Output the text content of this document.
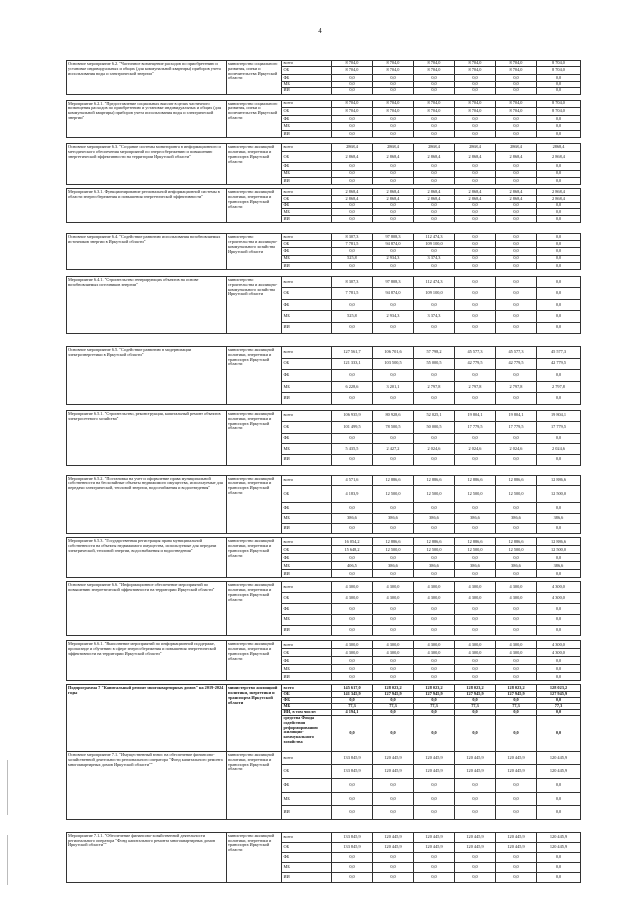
4
Основное мероприятие 6.2. "Частичное возмещение расходов по приобретению и установке индивидуальных и общих (для коммунальной квартиры) приборов учета использования воды и электрической энергии"	министерство социального развития, опеки и попечительства Иркутской области	всего	8 704,0	8 704,0	8 704,0	8 704,0	8 704,0	8 704,0
		ОБ	8 704,0	8 704,0	8 704,0	8 704,0	8 704,0	8 704,0
		ФБ	0,0	0,0	0,0	0,0	0,0	0,0
		МБ	0,0	0,0	0,0	0,0	0,0	0,0
		ИИ	0,0	0,0	0,0	0,0	0,0	0,0

Мероприятие 6.2.1. "Предоставление социальных выплат в целях частичного возмещения расходов по приобретению и установке индивидуальных и общих (для коммунальной квартиры) приборов учета использования воды и электрической энергии"	министерство социального развития, опеки и попечительства Иркутской области	всего	8 704,0	8 704,0	8 704,0	8 704,0	8 704,0	8 704,0
		ОБ	8 704,0	8 704,0	8 704,0	8 704,0	8 704,0	8 704,0
		ФБ	0,0	0,0	0,0	0,0	0,0	0,0
		МБ	0,0	0,0	0,0	0,0	0,0	0,0
		ИИ	0,0	0,0	0,0	0,0	0,0	0,0

Основное мероприятие 6.3. "Создание системы мониторинга в информационного и методического обеспечения мероприятий по энергосбережению и повышению энергетической эффективности на территории Иркутской области"	министерство жилищной политики, энергетики и транспорта Иркутской области	всего	2868,4	2868,4	2868,4	2868,4	2868,4	2868,4
		ОБ	2 868,4	2 868,4	2 868,4	2 868,4	2 868,4	2 868,4
		ФБ	0,0	0,0	0,0	0,0	0,0	0,0
		МБ	0,0	0,0	0,0	0,0	0,0	0,0
		ИИ	0,0	0,0	0,0	0,0	0,0	0,0

Мероприятие 6.3.1. Функционирование региональной информационной системы в области энергосбережения и повышения энергетической эффективности"	министерство жилищной политики, энергетики и транспорта Иркутской области	всего	2 868,4	2 868,4	2 868,4	2 868,4	2 868,4	2 868,4
		ОБ	2 868,4	2 868,4	2 868,4	2 868,4	2 868,4	2 868,4
		ФБ	0,0	0,0	0,0	0,0	0,0	0,0
		МБ	0,0	0,0	0,0	0,0	0,0	0,0
		ИИ	0,0	0,0	0,0	0,0	0,0	0,0

Основное мероприятие 6.4. "Содействие развитию использования возобновляемых источников энергии в Иркутской области"	министерство строительства и жилищно-коммунального хозяйства Иркутской области	всего	8 307,3	97 808,3	112 474,3	0,0	0,0	0,0
		ОБ	7 781,5	94 874,0	109 100,0	0,0	0,0	0,0
		ФБ	0,0	0,0	0,0	0,0	0,0	0,0
		МБ	525,8	2 934,3	3 374,3	0,0	0,0	0,0
		ИИ	0,0	0,0	0,0	0,0	0,0	0,0

Мероприятие 6.4.1. "Строительство генерирующих объектов на основе возобновляемых источников энергии"	министерство строительства и жилищно-коммунального хозяйства Иркутской области	всего	8 307,3	97 808,3	112 474,3	0,0	0,0	0,0
		ОБ	7 781,5	94 874,0	109 100,0	0,0	0,0	0,0
		ФБ	0,0	0,0	0,0	0,0	0,0	0,0
		МБ	525,8	2 934,3	3 374,3	0,0	0,0	0,0
		ИИ	0,0	0,0	0,0	0,0	0,0	0,0

Основное мероприятие 6.5. "Содействие развитию в модернизации электроэнергетики в Иркутской области"	министерство жилищной политики, энергетики и транспорта Иркутской области	всего	127 561,7	106 701,6	57 798,2	45 577,3	45 577,3	45 577,3
		ОБ	121 333,1	103 500,5	55 000,5	42 779,5	42 779,5	42 779,5
		ФБ	0,0	0,0	0,0	0,0	0,0	0,0
		МБ	6 228,6	3 201,1	2 797,8	2 797,8	2 797,8	2 797,8
		ИИ	0,0	0,0	0,0	0,0	0,0	0,0

Мероприятие 6.5.1. "Строительство, реконструкция, капитальный ремонт объектов электросетевого хозяйства"	министерство жилищной политики, энергетики и транспорта Иркутской области	всего	106 935,9	80 928,6	52 025,1	19 804,1	19 804,1	19 804,1
		ОБ	101 499,5	78 500,5	50 000,5	17 779,5	17 779,5	17 779,5
		ФБ	0,0	0,0	0,0	0,0	0,0	0,0
		МБ	5 435,5	2 427,2	2 024,6	2 024,6	2 024,6	2 024,6
		ИИ	0,0	0,0	0,0	0,0	0,0	0,0

Мероприятие 6.5.2. "Постановка на учет и оформление права муниципальной собственности на бесхозяйные объекты недвижимого имущества, используемые для передачи электрической, тепловой энергии, водоснабжения и водоотведения"	министерство жилищной политики, энергетики и транспорта Иркутской области	всего	4 571,6	12 886,6	12 886,6	12 886,6	12 886,6	12 886,6
		ОБ	4 183,9	12 500,0	12 500,0	12 500,0	12 500,0	12 500,0
		ФБ	0,0	0,0	0,0	0,0	0,0	0,0
		МБ	386,6	386,6	386,6	386,6	386,6	386,6
		ИИ	0,0	0,0	0,0	0,0	0,0	0,0

Мероприятие 6.5.3. "Государственная регистрация права муниципальной собственности на объекты недвижимого имущества, используемые для передачи электрической, тепловой энергии, водоснабжения и водоотведения"	министерство жилищной политики, энергетики и транспорта Иркутской области	всего	16 054,2	12 886,6	12 886,6	12 886,6	12 886,6	12 886,6
		ОБ	15 648,2	12 500,0	12 500,0	12 500,0	12 500,0	12 500,0
		ФБ	0,0	0,0	0,0	0,0	0,0	0,0
		МБ	406,5	386,6	386,6	386,6	386,6	386,6
		ИИ	0,0	0,0	0,0	0,0	0,0	0,0

Основное мероприятие 6.6. "Информационное обеспечение мероприятий по повышению энергетической эффективности на территории Иркутской области"	министерство жилищной политики, энергетики и транспорта Иркутской области	всего	4 300,0	4 300,0	4 300,0	4 300,0	4 300,0	4 300,0
		ОБ	4 300,0	4 300,0	4 300,0	4 300,0	4 300,0	4 300,0
		ФБ	0,0	0,0	0,0	0,0	0,0	0,0
		МБ	0,0	0,0	0,0	0,0	0,0	0,0
		ИИ	0,0	0,0	0,0	0,0	0,0	0,0

Мероприятие 6.6.1. "Выполнение мероприятий по информационной поддержке, пропаганде и обучению в сфере энергосбережения и повышения энергетической эффективности на территории Иркутской области"	министерство жилищной политики, энергетики и транспорта Иркутской области	всего	4 300,0	4 300,0	4 300,0	4 300,0	4 300,0	4 300,0
		ОБ	4 300,0	4 300,0	4 300,0	4 300,0	4 300,0	4 300,0
		ФБ	0,0	0,0	0,0	0,0	0,0	0,0
		МБ	0,0	0,0	0,0	0,0	0,0	0,0
		ИИ	0,0	0,0	0,0	0,0	0,0	0,0

Подпрограмма 7 "Капитальный ремонт многоквартирных домов" на 2019-2024 годы	министерство жилищной политики, энергетики и транспорта Иркутской области	всего	145 617,0	128 023,2	128 023,2	128 023,2	128 023,2	128 023,2
		ОБ	141 345,9	127 945,9	127 945,9	127 945,9	127 945,9	127 945,9
		ФБ	0,0	0,0	0,0	0,0	0,0	0,0
		МБ	77,3	77,3	77,3	77,3	77,3	77,3
		ИИ, в том числе:	4 194,1	0,0	0,0	0,0	0,0	0,0
		средства Фонда содействия реформированию жилищно-коммунального хозяйства	0,0	0,0	0,0	0,0	0,0	0,0
Основное мероприятие 7.1. "Имущественный взнос на обеспечение финансово-хозяйственной деятельности регионального оператора "Фонд капитального ремонта многоквартирных домов Иркутской области""	министерство жилищной политики, энергетики и транспорта Иркутской области	всего	133 845,9	120 445,9	120 445,9	120 445,9	120 445,9	120 445,9
		ОБ	133 845,9	120 445,9	120 445,9	120 445,9	120 445,9	120 445,9
		ФБ	0,0	0,0	0,0	0,0	0,0	0,0
		МБ	0,0	0,0	0,0	0,0	0,0	0,0
		ИИ	0,0	0,0	0,0	0,0	0,0	0,0

Мероприятие 7.1.1. "Обеспечение финансово-хозяйственной деятельности регионального оператора "Фонд капитального ремонта многоквартирных домов Иркутской области""	министерство жилищной политики, энергетики и транспорта Иркутской области	всего	133 845,9	120 445,9	120 445,9	120 445,9	120 445,9	120 445,9
		ОБ	133 845,9	120 445,9	120 445,9	120 445,9	120 445,9	120 445,9
		ФБ	0,0	0,0	0,0	0,0	0,0	0,0
		МБ	0,0	0,0	0,0	0,0	0,0	0,0
		ИИ	0,0	0,0	0,0	0,0	0,0	0,0
